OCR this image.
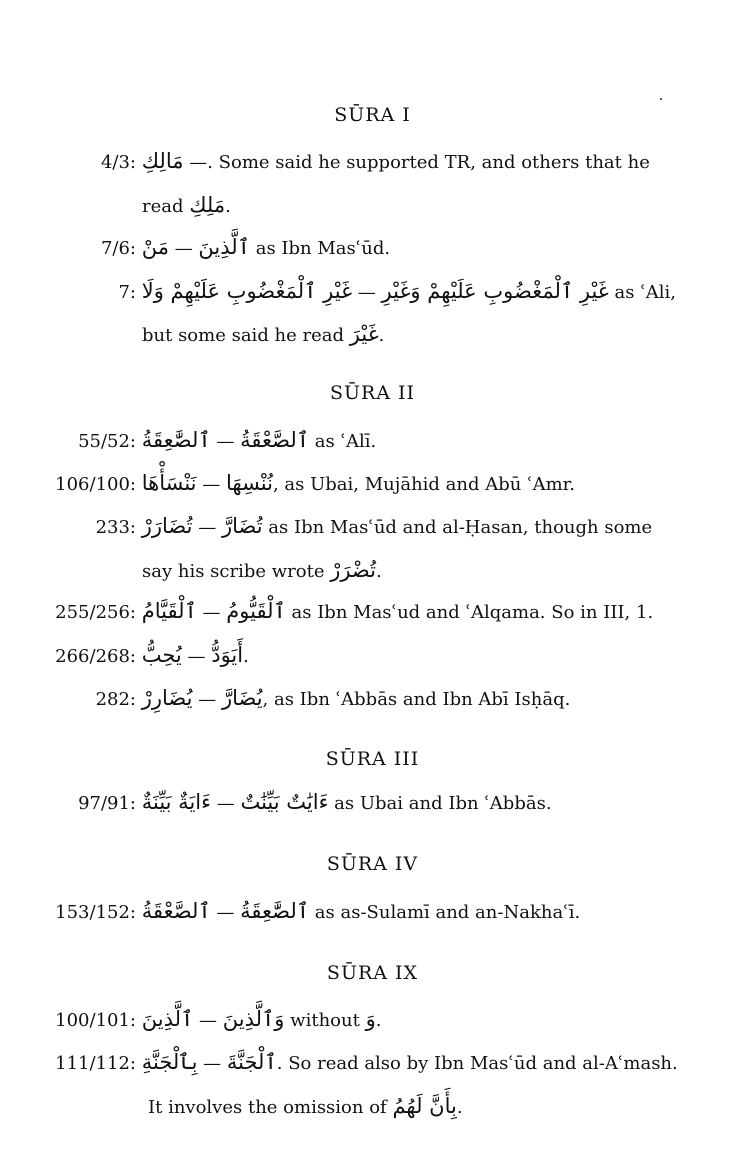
SŪRA I
4/3: مَالِكِ —. Some said he supported TR, and others that he
read مَلِكِ.
7/6:	ٱلَّذِينَ — مَنْ	as Ibn Masʿūd.
7:	غَيْرِ ٱلْمَغْضُوبِ عَلَيْهِمْ وَغَيْرِ — غَيْرِ ٱلْمَغْضُوبِ عَلَيْهِمْ وَلَا	as ʿAli,
but some said he read غَيْرَ.
SŪRA II
55/52:	ٱلصَّعْقَةُ — ٱلصَّٰعِقَةُ	as ʿAlī.
106/100:	نُنْسِهَا — نَنْسَأْهَا	, as Ubai, Mujāhid and Abū ʿAmr.
233:	تُضَارَّ — تُضَارَرْ	as Ibn Masʿūd and al-Ḥasan, though some
say his scribe wrote تُضْرَرْ.
255/256:	ٱلْقَيُّومُ — ٱلْقَيَّامُ	as Ibn Masʿud and ʿAlqama. So in III, 1.
266/268:	أَيَوَدُّ — يُحِبُّ	.
282:	يُضَارَّ — يُضَارِرْ	, as Ibn ʿAbbās and Ibn Abī Isḥāq.
SŪRA III
97/91:	ءَايَٰتٌ بَيِّنَٰتٌ — ءَايَةٌ بَيِّنَةٌ	as Ubai and Ibn ʿAbbās.
SŪRA IV
153/152:	ٱلصَّٰعِقَةُ — ٱلصَّعْقَةُ	as as-Sulamī and an-Nakhaʿī.
SŪRA IX
100/101:	وَٱلَّذِينَ — ٱلَّذِينَ	without وَ.
111/112:	ٱلْجَنَّةَ — بِٱلْجَنَّةِ	. So read also by Ibn Masʿūd and al-Aʿmash.
It involves the omission of بِأَنَّ لَهُمُ.
